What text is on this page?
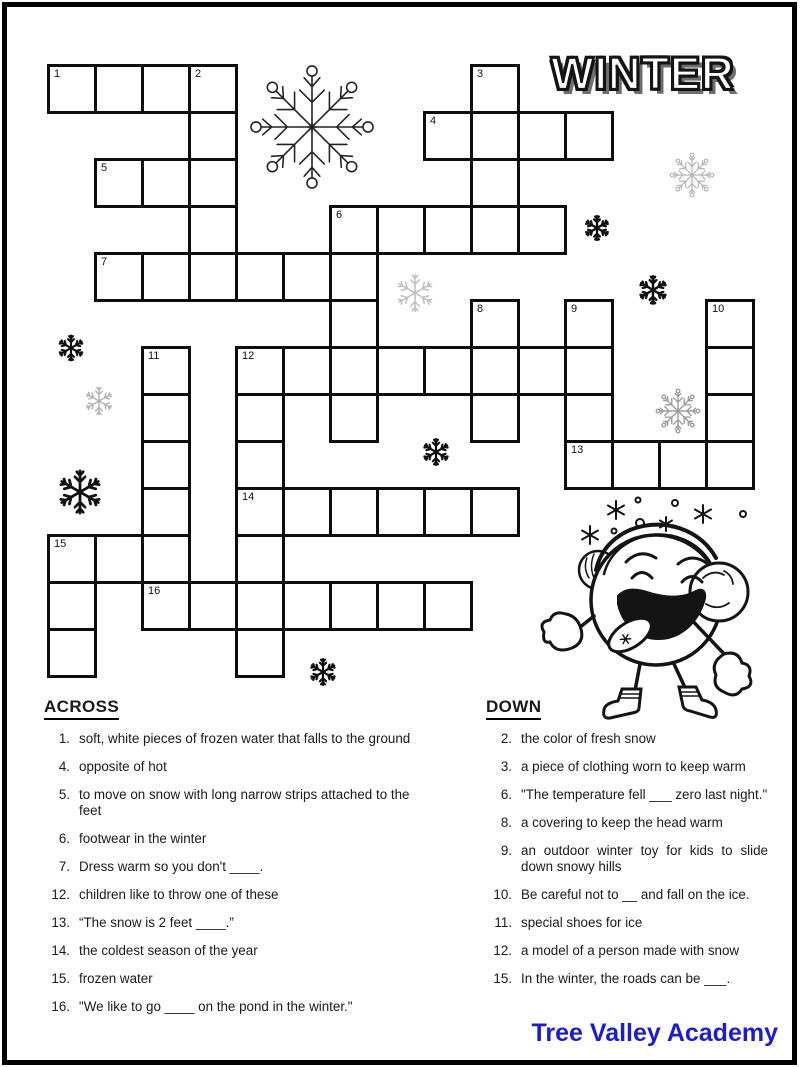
1	2	3
4
5
6
7
8	9	10
11	12
13
14
15
16
WINTER
ACROSS
1. soft, white pieces of frozen water that falls to the ground
4. opposite of hot
5. to move on snow with long narrow strips attached to the feet
6. footwear in the winter
7. Dress warm so you don't ____.
12. children like to throw one of these
13. “The snow is 2 feet ____.”
14. the coldest season of the year
15. frozen water
16. "We like to go ____ on the pond in the winter."
DOWN
2. the color of fresh snow
3. a piece of clothing worn to keep warm
6. "The temperature fell ___ zero last night."
8. a covering to keep the head warm
9. an outdoor winter toy for kids to slide down snowy hills
10. Be careful not to __ and fall on the ice.
11. special shoes for ice
12. a model of a person made with snow
15. In the winter, the roads can be ___.
Tree Valley Academy
